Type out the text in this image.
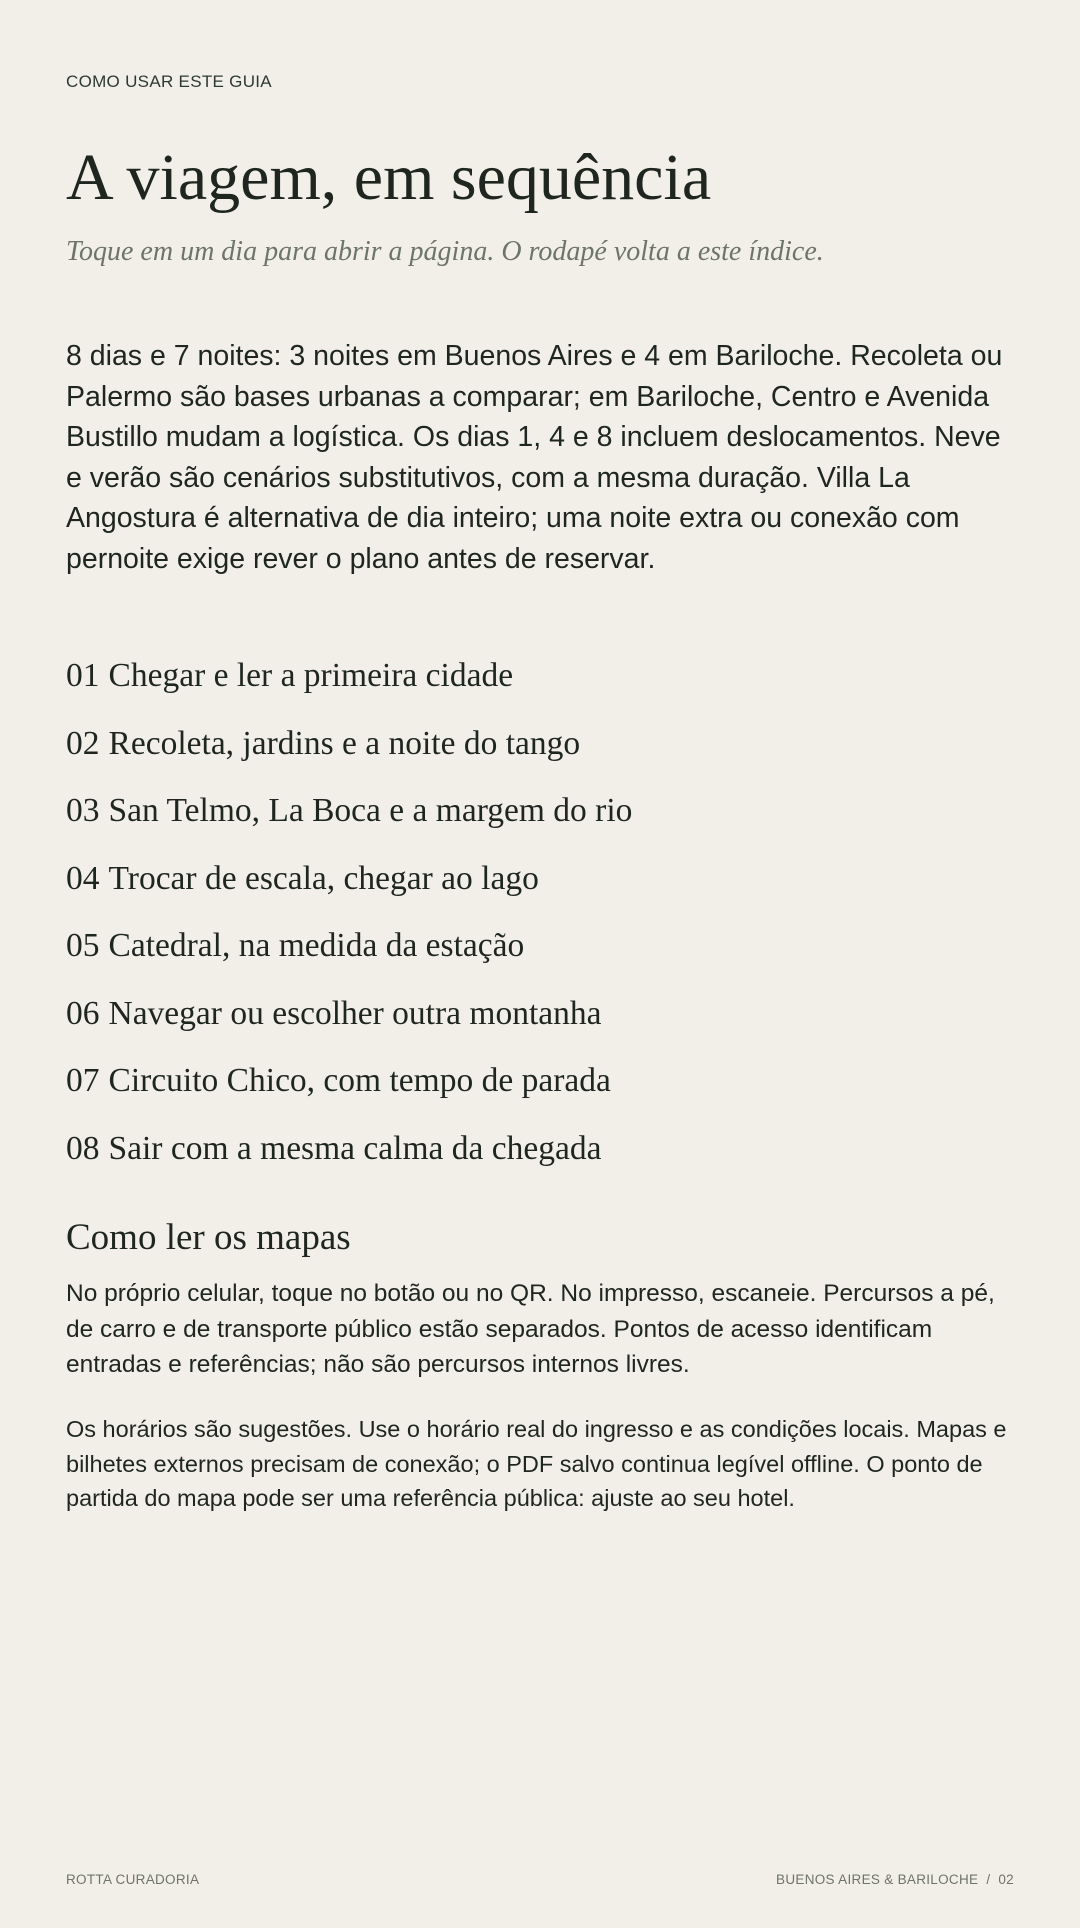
COMO USAR ESTE GUIA
A viagem, em sequência

Toque em um dia para abrir a página. O rodapé volta a este índice.

8 dias e 7 noites: 3 noites em Buenos Aires e 4 em Bariloche. Recoleta ou Palermo são bases urbanas a comparar; em Bariloche, Centro e Avenida Bustillo mudam a logística. Os dias 1, 4 e 8 incluem deslocamentos. Neve e verão são cenários substitutivos, com a mesma duração. Villa La Angostura é alternativa de dia inteiro; uma noite extra ou conexão com pernoite exige rever o plano antes de reservar.

01 Chegar e ler a primeira cidade
02 Recoleta, jardins e a noite do tango
03 San Telmo, La Boca e a margem do rio
04 Trocar de escala, chegar ao lago
05 Catedral, na medida da estação
06 Navegar ou escolher outra montanha
07 Circuito Chico, com tempo de parada
08 Sair com a mesma calma da chegada
Como ler os mapas

No próprio celular, toque no botão ou no QR. No impresso, escaneie. Percursos a pé, de carro e de transporte público estão separados. Pontos de acesso identificam entradas e referências; não são percursos internos livres.

Os horários são sugestões. Use o horário real do ingresso e as condições locais. Mapas e bilhetes externos precisam de conexão; o PDF salvo continua legível offline. O ponto de partida do mapa pode ser uma referência pública: ajuste ao seu hotel.

ROTTA CURADORIA	BUENOS AIRES & BARILOCHE / 02
